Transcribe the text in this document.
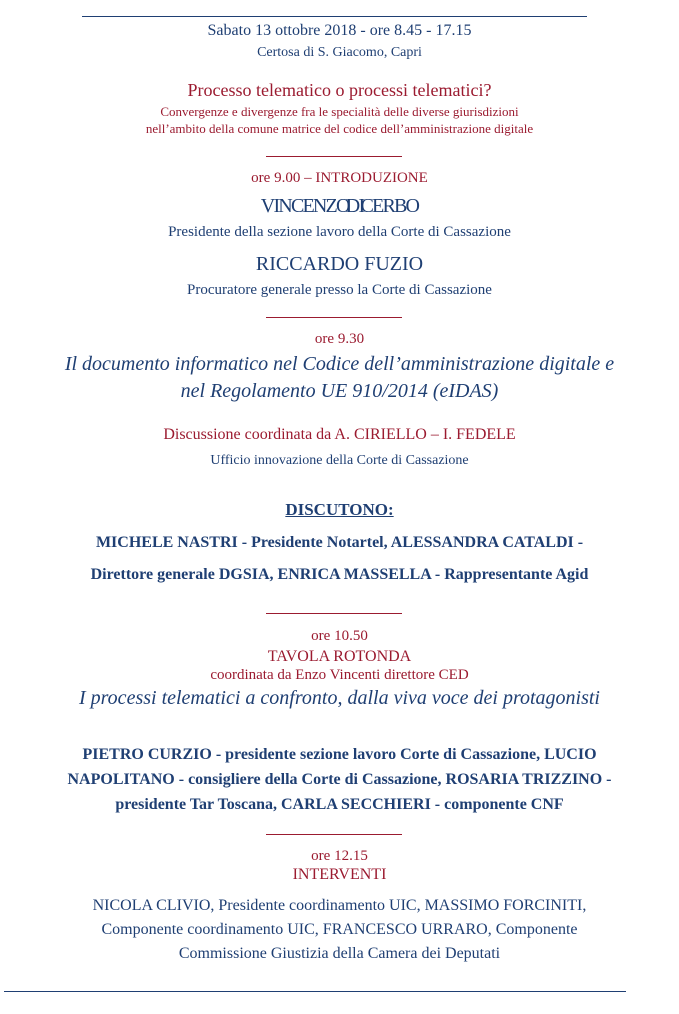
Sabato 13 ottobre 2018 - ore 8.45 - 17.15
Certosa di S. Giacomo, Capri
Processo telematico o processi telematici?
Convergenze e divergenze fra le specialità delle diverse giurisdizioni
nell’ambito della comune matrice del codice dell’amministrazione digitale
ore 9.00 – INTRODUZIONE
VINCENZO DI CERBO
Presidente della sezione lavoro della Corte di Cassazione
RICCARDO FUZIO
Procuratore generale presso la Corte di Cassazione
ore 9.30
Il documento informatico nel Codice dell’amministrazione digitale e
nel Regolamento UE 910/2014 (eIDAS)
Discussione coordinata da A. CIRIELLO – I. FEDELE
Ufficio innovazione della Corte di Cassazione
DISCUTONO:
MICHELE NASTRI - Presidente Notartel, ALESSANDRA CATALDI -
Direttore generale DGSIA, ENRICA MASSELLA - Rappresentante Agid
ore 10.50
TAVOLA ROTONDA
coordinata da Enzo Vincenti direttore CED
I processi telematici a confronto, dalla viva voce dei protagonisti
PIETRO CURZIO - presidente sezione lavoro Corte di Cassazione, LUCIO
NAPOLITANO - consigliere della Corte di Cassazione, ROSARIA TRIZZINO -
presidente Tar Toscana, CARLA SECCHIERI - componente CNF
ore 12.15
INTERVENTI
NICOLA CLIVIO, Presidente coordinamento UIC, MASSIMO FORCINITI,
Componente coordinamento UIC, FRANCESCO URRARO, Componente
Commissione Giustizia della Camera dei Deputati
